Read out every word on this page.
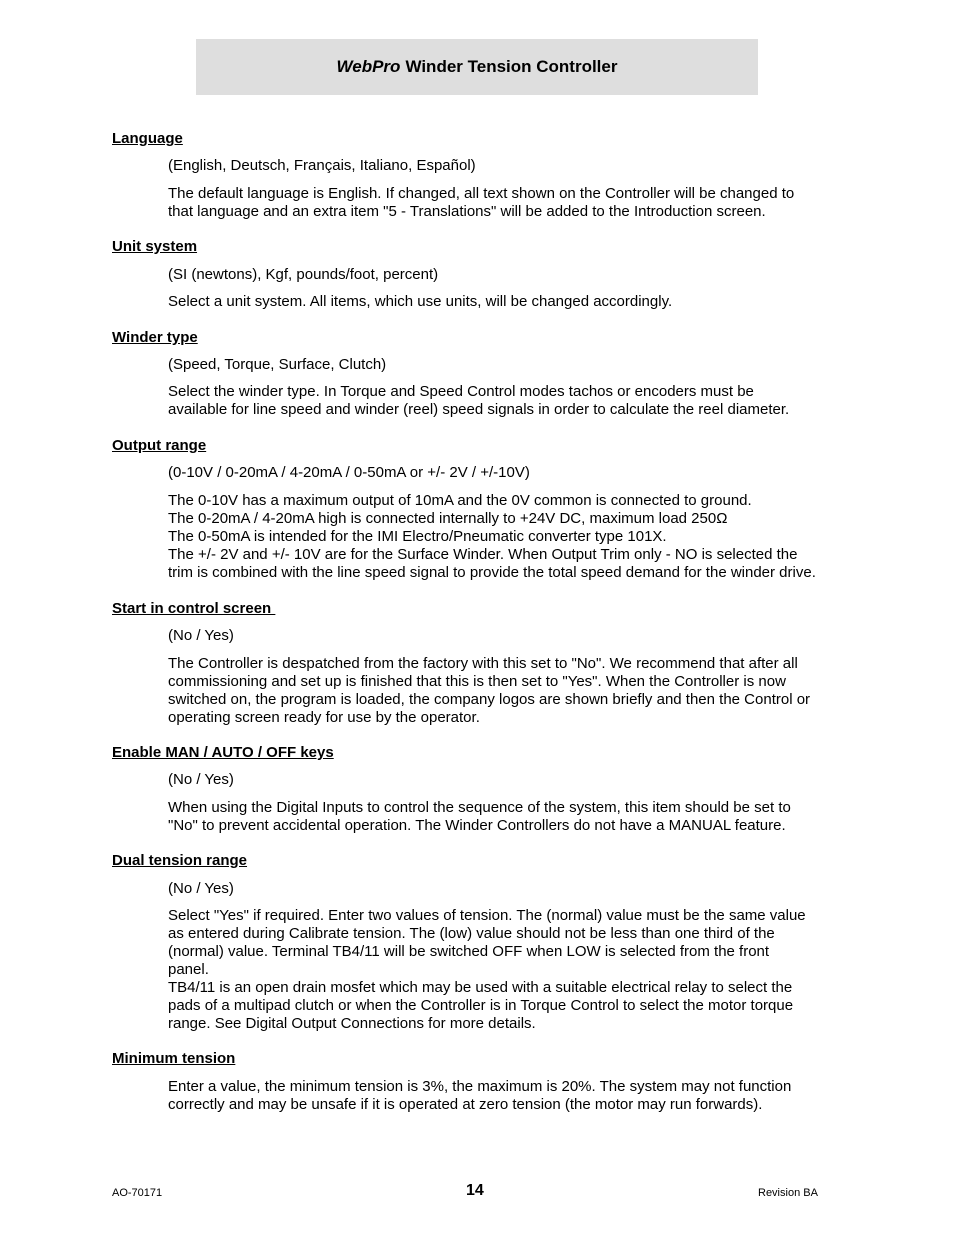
WebPro Winder Tension Controller
Language
(English, Deutsch, Français, Italiano, Español)
The default language is English. If changed, all text shown on the Controller will be changed to
that language and an extra item "5 - Translations" will be added to the Introduction screen.
Unit system
(SI (newtons), Kgf, pounds/foot, percent)
Select a unit system. All items, which use units, will be changed accordingly.
Winder type
(Speed, Torque, Surface, Clutch)
Select the winder type. In Torque and Speed Control modes tachos or encoders must be
available for line speed and winder (reel) speed signals in order to calculate the reel diameter.
Output range
(0-10V / 0-20mA / 4-20mA / 0-50mA or +/- 2V / +/-10V)
The 0-10V has a maximum output of 10mA and the 0V common is connected to ground.
The 0-20mA / 4-20mA high is connected internally to +24V DC, maximum load 250Ω
The 0-50mA is intended for the IMI Electro/Pneumatic converter type 101X.
The +/- 2V and +/- 10V are for the Surface Winder. When Output Trim only - NO is selected the
trim is combined with the line speed signal to provide the total speed demand for the winder drive.
Start in control screen
(No / Yes)
The Controller is despatched from the factory with this set to "No". We recommend that after all
commissioning and set up is finished that this is then set to "Yes". When the Controller is now
switched on, the program is loaded, the company logos are shown briefly and then the Control or
operating screen ready for use by the operator.
Enable MAN / AUTO / OFF keys
(No / Yes)
When using the Digital Inputs to control the sequence of the system, this item should be set to
"No" to prevent accidental operation. The Winder Controllers do not have a MANUAL feature.
Dual tension range
(No / Yes)
Select "Yes" if required. Enter two values of tension. The (normal) value must be the same value
as entered during Calibrate tension. The (low) value should not be less than one third of the
(normal) value. Terminal TB4/11 will be switched OFF when LOW is selected from the front
panel.
TB4/11 is an open drain mosfet which may be used with a suitable electrical relay to select the
pads of a multipad clutch or when the Controller is in Torque Control to select the motor torque
range. See Digital Output Connections for more details.
Minimum tension
Enter a value, the minimum tension is 3%, the maximum is 20%. The system may not function
correctly and may be unsafe if it is operated at zero tension (the motor may run forwards).
AO-70171	14	Revision BA
